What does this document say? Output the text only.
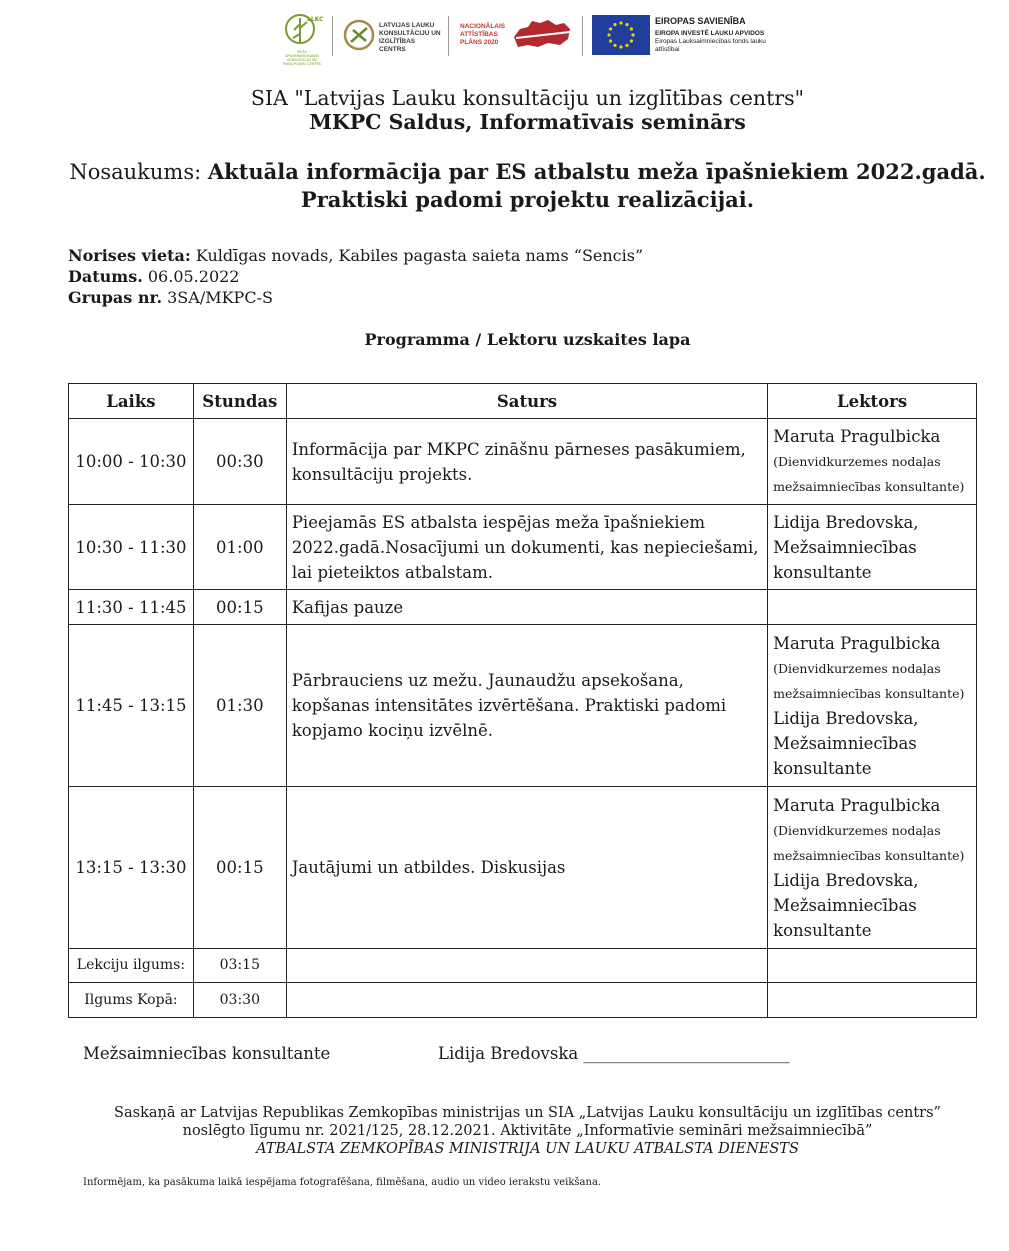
LLKC
MEŽA APSAIMNIEKOŠANAS KONSULTĀCIJU UN PAKALPOJUMU CENTRS
LATVIJAS LAUKU KONSULTĀCIJU UN IZGLĪTĪBAS CENTRS
NACIONĀLAIS
ATTĪSTĪBAS
PLĀNS 2020
EIROPAS SAVIENĪBA
EIROPA INVESTĒ LAUKU APVIDOS
Eiropas Lauksaimniecības fonds lauku attīstībai
SIA "Latvijas Lauku konsultāciju un izglītības centrs"
MKPC Saldus, Informatīvais seminārs
Nosaukums: Aktuāla informācija par ES atbalstu meža īpašniekiem 2022.gadā.
Praktiski padomi projektu realizācijai.
Norises vieta: Kuldīgas novads, Kabiles pagasta saieta nams “Sencis”
Datums. 06.05.2022
Grupas nr. 3SA/MKPC-S
Programma / Lektoru uzskaites lapa
Laiks	Stundas	Saturs	Lektors
10:00 - 10:30	00:30	Informācija par MKPC zināšnu pārneses pasākumiem, konsultāciju projekts.	Maruta Pragulbicka
(Dienvidkurzemes nodaļas mežsaimniecības konsultante)

10:30 - 11:30	01:00	Pieejamās ES atbalsta iespējas meža īpašniekiem 2022.gadā.Nosacījumi un dokumenti, kas nepieciešami, lai pieteiktos atbalstam.	Lidija Bredovska, Mežsaimniecības konsultante
11:30 - 11:45	00:15	Kafijas pauze	
11:45 - 13:15	01:30	Pārbrauciens uz mežu. Jaunaudžu apsekošana, kopšanas intensitātes izvērtēšana. Praktiski padomi kopjamo kociņu izvēlnē.	Maruta Pragulbicka
(Dienvidkurzemes nodaļas mežsaimniecības konsultante)
Lidija Bredovska, Mežsaimniecības konsultante

13:15 - 13:30	00:15	Jautājumi un atbildes. Diskusijas	Maruta Pragulbicka
(Dienvidkurzemes nodaļas mežsaimniecības konsultante)
Lidija Bredovska, Mežsaimniecības konsultante

Lekciju ilgums:	03:15		
Ilgums Kopā:	03:30		
Mežsaimniecības konsultante	Lidija Bredovska _________________________
Saskaņā ar Latvijas Republikas Zemkopības ministrijas un SIA „Latvijas Lauku konsultāciju un izglītības centrs”
noslēgto līgumu nr. 2021/125, 28.12.2021. Aktivitāte „Informatīvie semināri mežsaimniecībā”
ATBALSTA ZEMKOPĪBAS MINISTRIJA UN LAUKU ATBALSTA DIENESTS
Informējam, ka pasākuma laikā iespējama fotografēšana, filmēšana, audio un video ierakstu veikšana.
